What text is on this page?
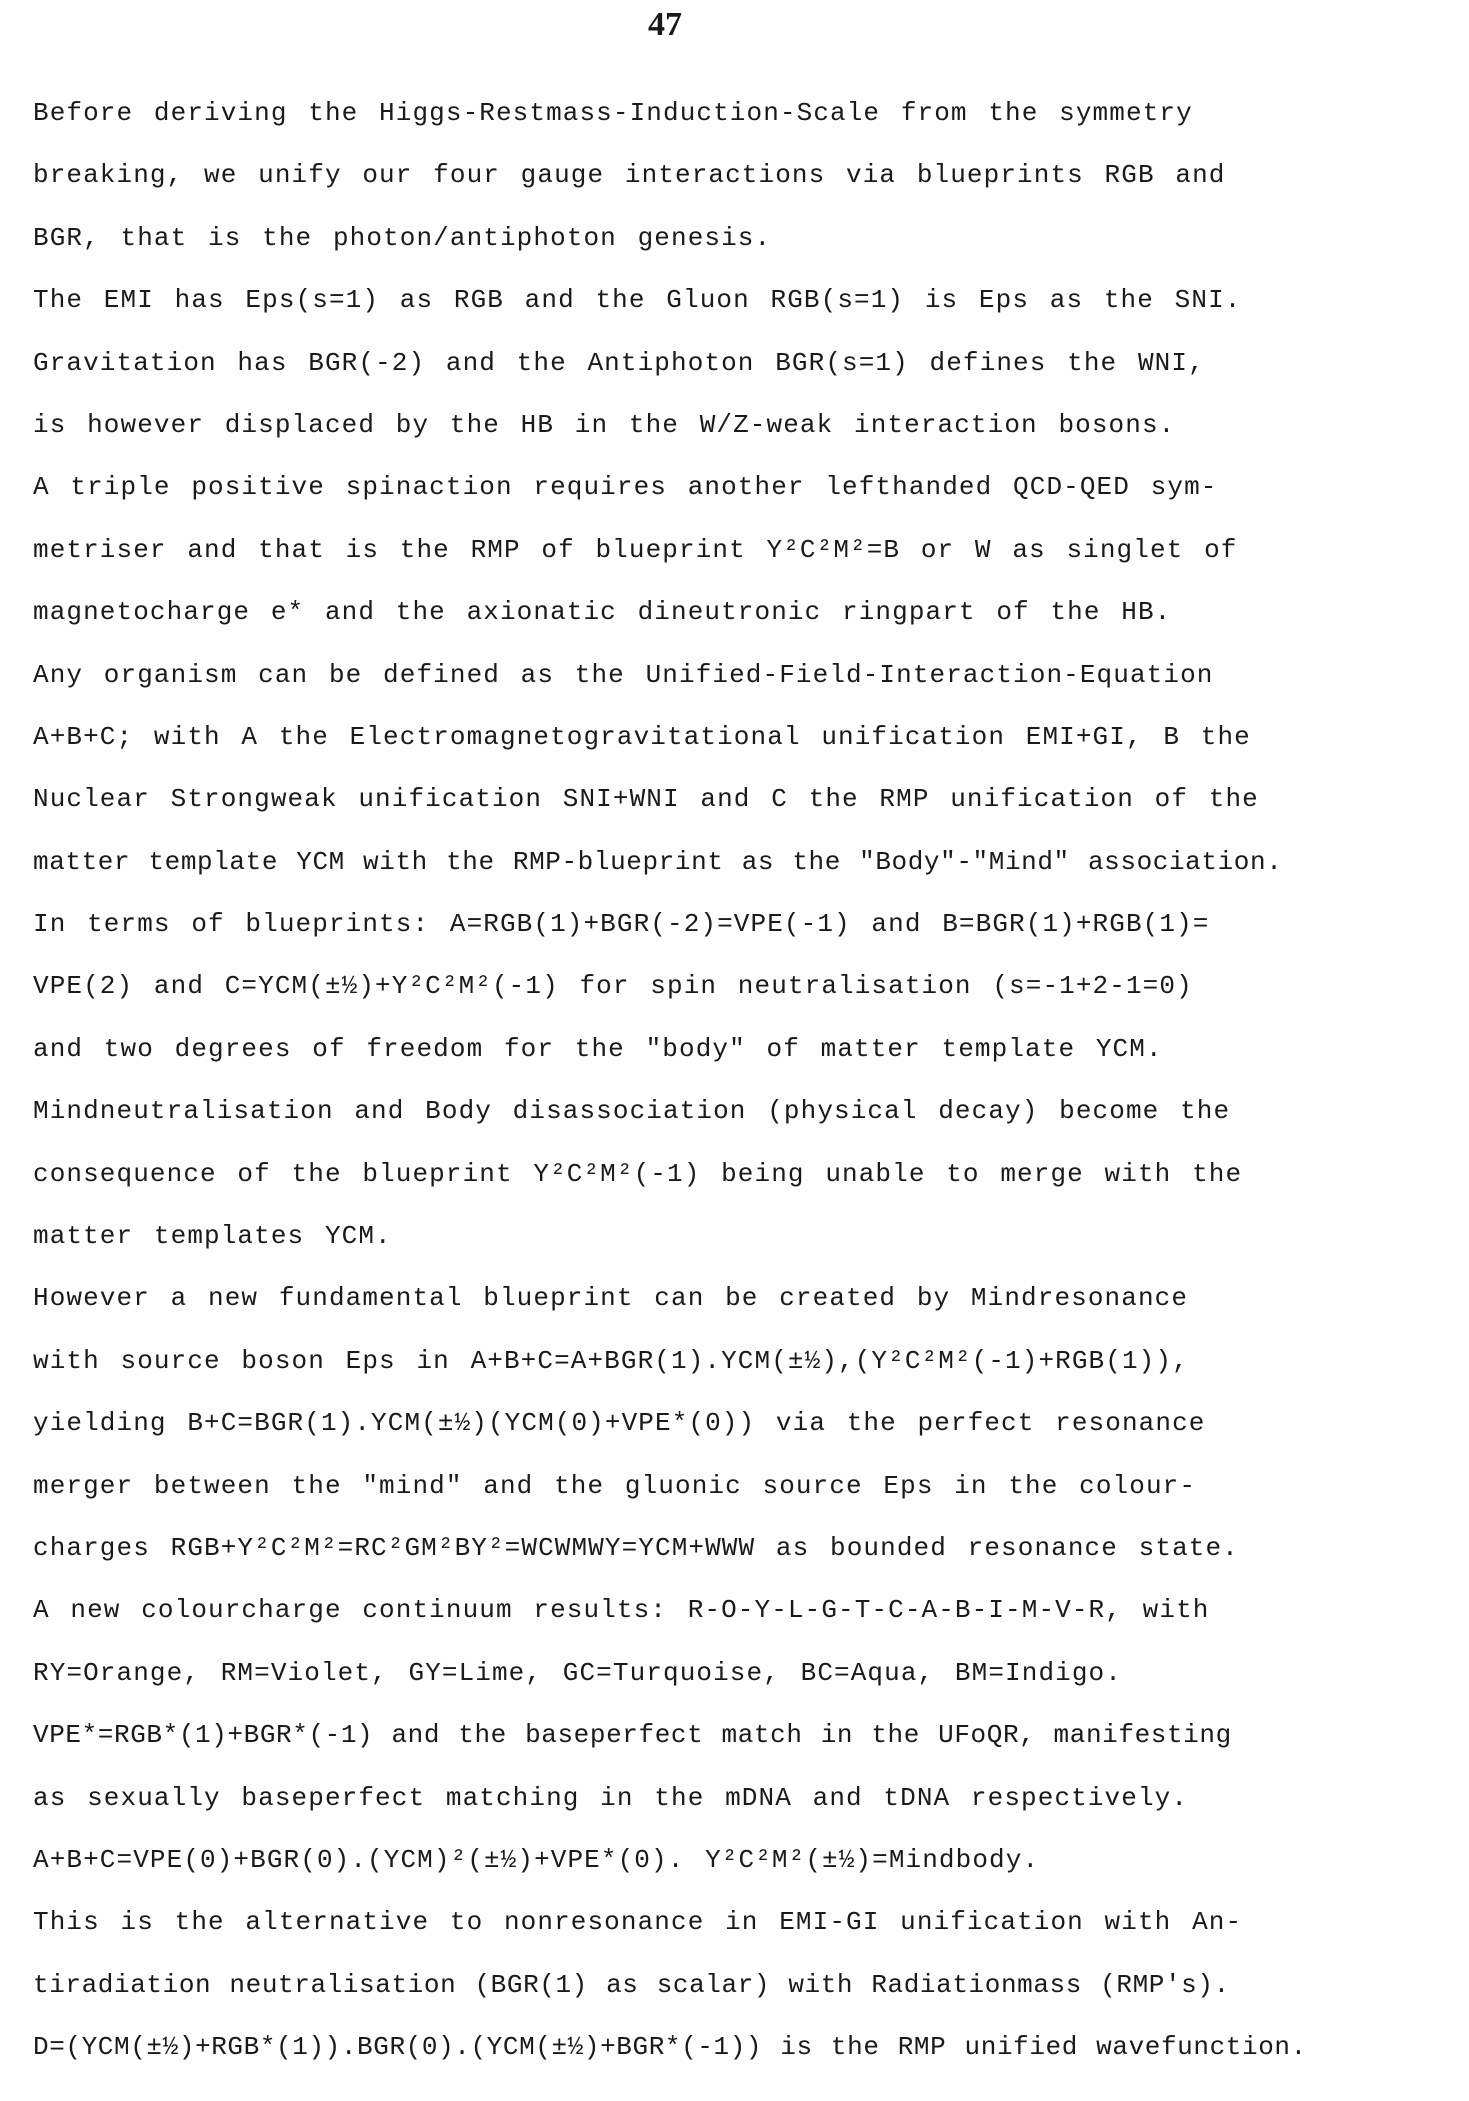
47
Before deriving the Higgs-Restmass-Induction-Scale from the symmetry
breaking, we unify our four gauge interactions via blueprints RGB and
BGR, that is the photon/antiphoton genesis.
The EMI has Eps(s=1) as RGB and the Gluon RGB(s=1) is Eps as the SNI.
Gravitation has BGR(-2) and the Antiphoton BGR(s=1) defines the WNI,
is however displaced by the HB in the W/Z-weak interaction bosons.
A triple positive spinaction requires another lefthanded QCD-QED sym-
metriser and that is the RMP of blueprint Y²C²M²=B or W as singlet of
magnetocharge e* and the axionatic dineutronic ringpart of the HB.
Any organism can be defined as the Unified-Field-Interaction-Equation
A+B+C; with A the Electromagnetogravitational unification EMI+GI, B the
Nuclear Strongweak unification SNI+WNI and C the RMP unification of the
matter template YCM with the RMP-blueprint as the "Body"-"Mind" association.
In terms of blueprints: A=RGB(1)+BGR(-2)=VPE(-1) and B=BGR(1)+RGB(1)=
VPE(2) and C=YCM(±½)+Y²C²M²(-1) for spin neutralisation (s=-1+2-1=0)
and two degrees of freedom for the "body" of matter template YCM.
Mindneutralisation and Body disassociation (physical decay) become the
consequence of the blueprint Y²C²M²(-1) being unable to merge with the
matter templates YCM.
However a new fundamental blueprint can be created by Mindresonance
with source boson Eps in A+B+C=A+BGR(1).YCM(±½),(Y²C²M²(-1)+RGB(1)),
yielding B+C=BGR(1).YCM(±½)(YCM(0)+VPE*(0)) via the perfect resonance
merger between the "mind" and the gluonic source Eps in the colour-
charges RGB+Y²C²M²=RC²GM²BY²=WCWMWY=YCM+WWW as bounded resonance state.
A new colourcharge continuum results: R-O-Y-L-G-T-C-A-B-I-M-V-R, with
RY=Orange, RM=Violet, GY=Lime, GC=Turquoise, BC=Aqua, BM=Indigo.
VPE*=RGB*(1)+BGR*(-1) and the baseperfect match in the UFoQR, manifesting
as sexually baseperfect matching in the mDNA and tDNA respectively.
A+B+C=VPE(0)+BGR(0).(YCM)²(±½)+VPE*(0). Y²C²M²(±½)=Mindbody.
This is the alternative to nonresonance in EMI-GI unification with An-
tiradiation neutralisation (BGR(1) as scalar) with Radiationmass (RMP's).
D=(YCM(±½)+RGB*(1)).BGR(0).(YCM(±½)+BGR*(-1)) is the RMP unified wavefunction.
